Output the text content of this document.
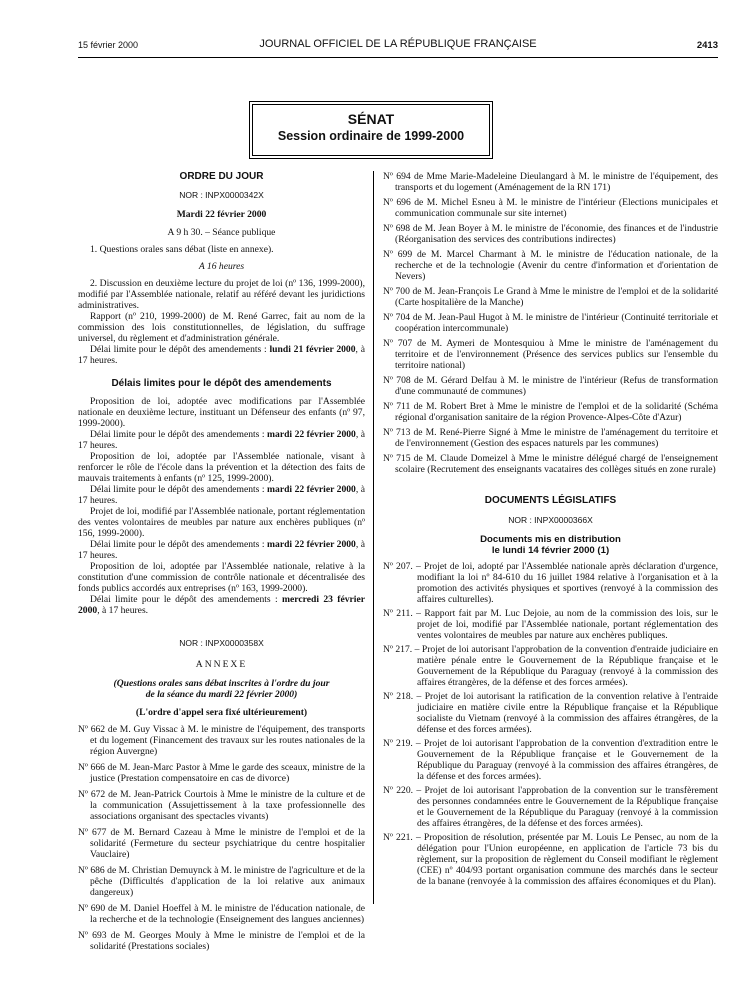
15 février 2000	JOURNAL OFFICIEL DE LA RÉPUBLIQUE FRANÇAISE	2413
SÉNAT
Session ordinaire de 1999-2000

ORDRE DU JOUR

NOR : INPX0000342X

Mardi 22 février 2000

A 9 h 30. – Séance publique

1. Questions orales sans débat (liste en annexe).

A 16 heures

2. Discussion en deuxième lecture du projet de loi (nº 136, 1999-2000), modifié par l'Assemblée nationale, relatif au référé devant les juridictions administratives.

Rapport (nº 210, 1999-2000) de M. René Garrec, fait au nom de la commission des lois constitutionnelles, de législation, du suffrage universel, du règlement et d'administration générale.

Délai limite pour le dépôt des amendements : lundi 21 février 2000, à 17 heures.

Délais limites pour le dépôt des amendements

Proposition de loi, adoptée avec modifications par l'Assemblée nationale en deuxième lecture, instituant un Défenseur des enfants (nº 97, 1999-2000).

Délai limite pour le dépôt des amendements : mardi 22 février 2000, à 17 heures.

Proposition de loi, adoptée par l'Assemblée nationale, visant à renforcer le rôle de l'école dans la prévention et la détection des faits de mauvais traitements à enfants (nº 125, 1999-2000).

Délai limite pour le dépôt des amendements : mardi 22 février 2000, à 17 heures.

Projet de loi, modifié par l'Assemblée nationale, portant réglementation des ventes volontaires de meubles par nature aux enchères publiques (nº 156, 1999-2000).

Délai limite pour le dépôt des amendements : mardi 22 février 2000, à 17 heures.

Proposition de loi, adoptée par l'Assemblée nationale, relative à la constitution d'une commission de contrôle nationale et décentralisée des fonds publics accordés aux entreprises (nº 163, 1999-2000).

Délai limite pour le dépôt des amendements : mercredi 23 février 2000, à 17 heures.

NOR : INPX0000358X

ANNEXE

(Questions orales sans débat inscrites à l'ordre du jour

de la séance du mardi 22 février 2000)

(L'ordre d'appel sera fixé ultérieurement)

Nº 662 de M. Guy Vissac à M. le ministre de l'équipement, des transports et du logement (Financement des travaux sur les routes nationales de la région Auvergne)

Nº 666 de M. Jean-Marc Pastor à Mme le garde des sceaux, ministre de la justice (Prestation compensatoire en cas de divorce)

Nº 672 de M. Jean-Patrick Courtois à Mme le ministre de la culture et de la communication (Assujettissement à la taxe professionnelle des associations organisant des spectacles vivants)

Nº 677 de M. Bernard Cazeau à Mme le ministre de l'emploi et de la solidarité (Fermeture du secteur psychiatrique du centre hospitalier Vauclaire)

Nº 686 de M. Christian Demuynck à M. le ministre de l'agriculture et de la pêche (Difficultés d'application de la loi relative aux animaux dangereux)

Nº 690 de M. Daniel Hoeffel à M. le ministre de l'éducation nationale, de la recherche et de la technologie (Enseignement des langues anciennes)

Nº 693 de M. Georges Mouly à Mme le ministre de l'emploi et de la solidarité (Prestations sociales)

Nº 694 de Mme Marie-Madeleine Dieulangard à M. le ministre de l'équipement, des transports et du logement (Aménagement de la RN 171)

Nº 696 de M. Michel Esneu à M. le ministre de l'intérieur (Elections municipales et communication communale sur site internet)

Nº 698 de M. Jean Boyer à M. le ministre de l'économie, des finances et de l'industrie (Réorganisation des services des contributions indirectes)

Nº 699 de M. Marcel Charmant à M. le ministre de l'éducation nationale, de la recherche et de la technologie (Avenir du centre d'information et d'orientation de Nevers)

Nº 700 de M. Jean-François Le Grand à Mme le ministre de l'emploi et de la solidarité (Carte hospitalière de la Manche)

Nº 704 de M. Jean-Paul Hugot à M. le ministre de l'intérieur (Continuité territoriale et coopération intercommunale)

Nº 707 de M. Aymeri de Montesquiou à Mme le ministre de l'aménagement du territoire et de l'environnement (Présence des services publics sur l'ensemble du territoire national)

Nº 708 de M. Gérard Delfau à M. le ministre de l'intérieur (Refus de transformation d'une communauté de communes)

Nº 711 de M. Robert Bret à Mme le ministre de l'emploi et de la solidarité (Schéma régional d'organisation sanitaire de la région Provence-Alpes-Côte d'Azur)

Nº 713 de M. René-Pierre Signé à Mme le ministre de l'aménagement du territoire et de l'environnement (Gestion des espaces naturels par les communes)

Nº 715 de M. Claude Domeizel à Mme le ministre délégué chargé de l'enseignement scolaire (Recrutement des enseignants vacataires des collèges situés en zone rurale)

DOCUMENTS LÉGISLATIFS

NOR : INPX0000366X

Documents mis en distribution

le lundi 14 février 2000 (1)

Nº 207. – Projet de loi, adopté par l'Assemblée nationale après déclaration d'urgence, modifiant la loi nº 84-610 du 16 juillet 1984 relative à l'organisation et à la promotion des activités physiques et sportives (renvoyé à la commission des affaires culturelles).

Nº 211. – Rapport fait par M. Luc Dejoie, au nom de la commission des lois, sur le projet de loi, modifié par l'Assemblée nationale, portant réglementation des ventes volontaires de meubles par nature aux enchères publiques.

Nº 217. – Projet de loi autorisant l'approbation de la convention d'entraide judiciaire en matière pénale entre le Gouvernement de la République française et le Gouvernement de la République du Paraguay (renvoyé à la commission des affaires étrangères, de la défense et des forces armées).

Nº 218. – Projet de loi autorisant la ratification de la convention relative à l'entraide judiciaire en matière civile entre la République française et la République socialiste du Vietnam (renvoyé à la commission des affaires étrangères, de la défense et des forces armées).

Nº 219. – Projet de loi autorisant l'approbation de la convention d'extradition entre le Gouvernement de la République française et le Gouvernement de la République du Paraguay (renvoyé à la commission des affaires étrangères, de la défense et des forces armées).

Nº 220. – Projet de loi autorisant l'approbation de la convention sur le transfèrement des personnes condamnées entre le Gouvernement de la République française et le Gouvernement de la République du Paraguay (renvoyé à la commission des affaires étrangères, de la défense et des forces armées).

Nº 221. – Proposition de résolution, présentée par M. Louis Le Pensec, au nom de la délégation pour l'Union européenne, en application de l'article 73 bis du règlement, sur la proposition de règlement du Conseil modifiant le règlement (CEE) nº 404/93 portant organisation commune des marchés dans le secteur de la banane (renvoyée à la commission des affaires économiques et du Plan).
